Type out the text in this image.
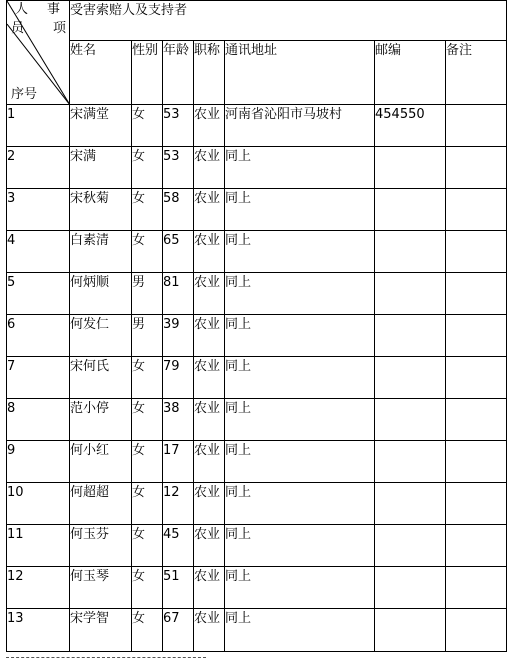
人 事
员 项
序号	受害索赔人及支持者						
	姓名	性别	年龄	职称	通讯地址	邮编	备注
1	宋满堂	女	53	农业	河南省沁阳市马坡村	454550	
2	宋满	女	53	农业	同上		
3	宋秋菊	女	58	农业	同上		
4	白素清	女	65	农业	同上		
5	何炳顺	男	81	农业	同上		
6	何发仁	男	39	农业	同上		
7	宋何氏	女	79	农业	同上		
8	范小停	女	38	农业	同上		
9	何小红	女	17	农业	同上		
10	何超超	女	12	农业	同上		
11	何玉芬	女	45	农业	同上		
12	何玉琴	女	51	农业	同上		
13	宋学智	女	67	农业	同上		
